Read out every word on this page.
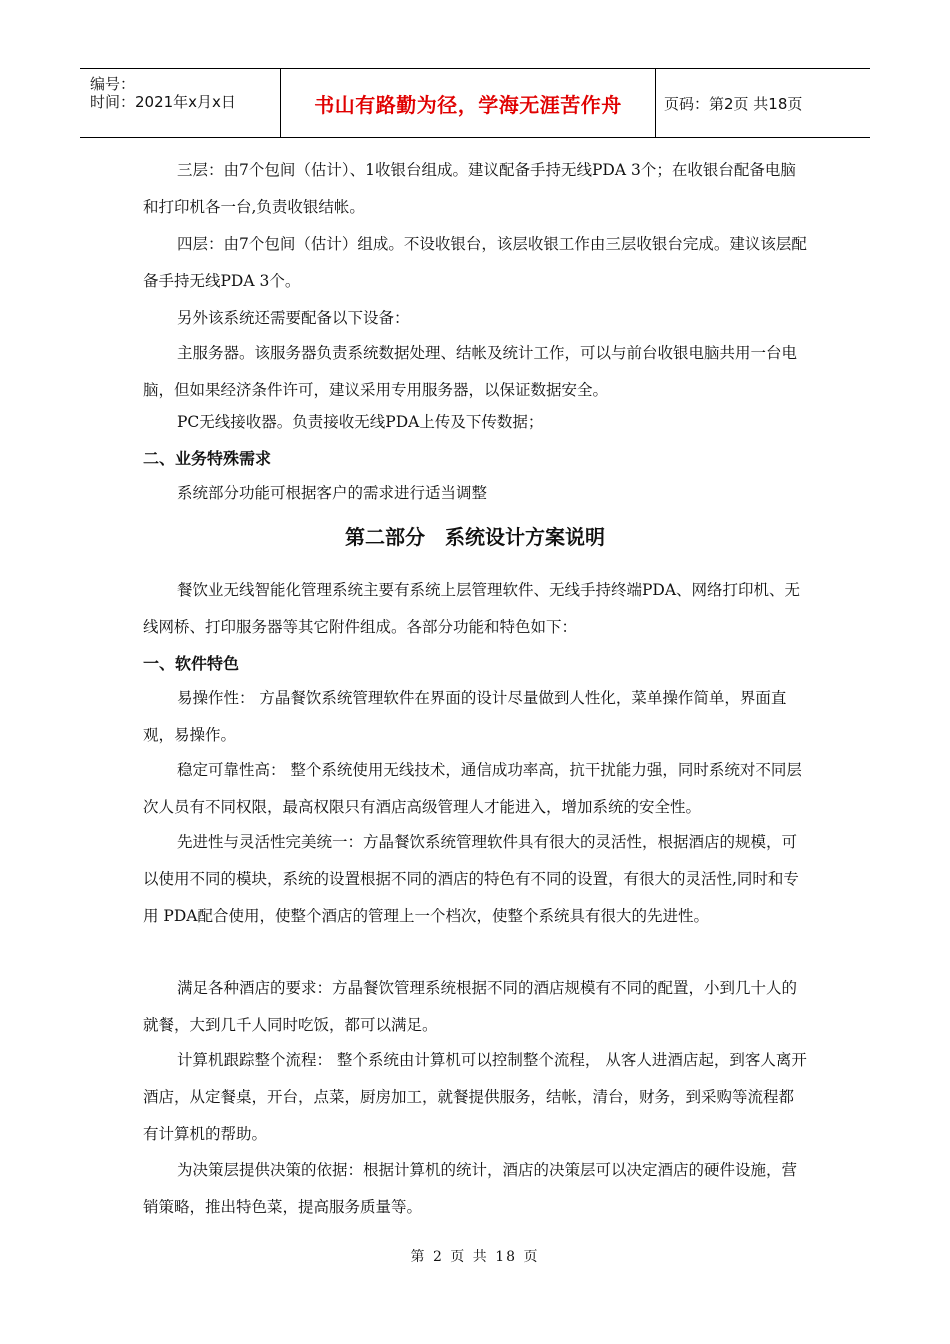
编号：
时间：2021年x月x日	书山有路勤为径，学海无涯苦作舟	页码：第2页 共18页
三层：由7个包间（估计）、1收银台组成。建议配备手持无线PDA 3个；在收银台配备电脑和打印机各一台,负责收银结帐。
四层：由7个包间（估计）组成。不设收银台，该层收银工作由三层收银台完成。建议该层配备手持无线PDA 3个。
另外该系统还需要配备以下设备：
主服务器。该服务器负责系统数据处理、结帐及统计工作，可以与前台收银电脑共用一台电脑，但如果经济条件许可，建议采用专用服务器，以保证数据安全。
PC无线接收器。负责接收无线PDA上传及下传数据；
二、业务特殊需求
系统部分功能可根据客户的需求进行适当调整
第二部分　系统设计方案说明
餐饮业无线智能化管理系统主要有系统上层管理软件、无线手持终端PDA、网络打印机、无线网桥、打印服务器等其它附件组成。各部分功能和特色如下：
一、软件特色
易操作性： 方晶餐饮系统管理软件在界面的设计尽量做到人性化，菜单操作简单，界面直观，易操作。
稳定可靠性高： 整个系统使用无线技术，通信成功率高，抗干扰能力强，同时系统对不同层次人员有不同权限，最高权限只有酒店高级管理人才能进入，增加系统的安全性。
先进性与灵活性完美统一：方晶餐饮系统管理软件具有很大的灵活性，根据酒店的规模，可以使用不同的模块，系统的设置根据不同的酒店的特色有不同的设置，有很大的灵活性,同时和专用 PDA配合使用，使整个酒店的管理上一个档次，使整个系统具有很大的先进性。
满足各种酒店的要求：方晶餐饮管理系统根据不同的酒店规模有不同的配置，小到几十人的就餐，大到几千人同时吃饭，都可以满足。
计算机跟踪整个流程： 整个系统由计算机可以控制整个流程， 从客人进酒店起，到客人离开酒店，从定餐桌，开台，点菜，厨房加工，就餐提供服务，结帐，清台，财务，到采购等流程都有计算机的帮助。
为决策层提供决策的依据：根据计算机的统计，酒店的决策层可以决定酒店的硬件设施，营销策略，推出特色菜，提高服务质量等。
第 2 页 共 18 页
